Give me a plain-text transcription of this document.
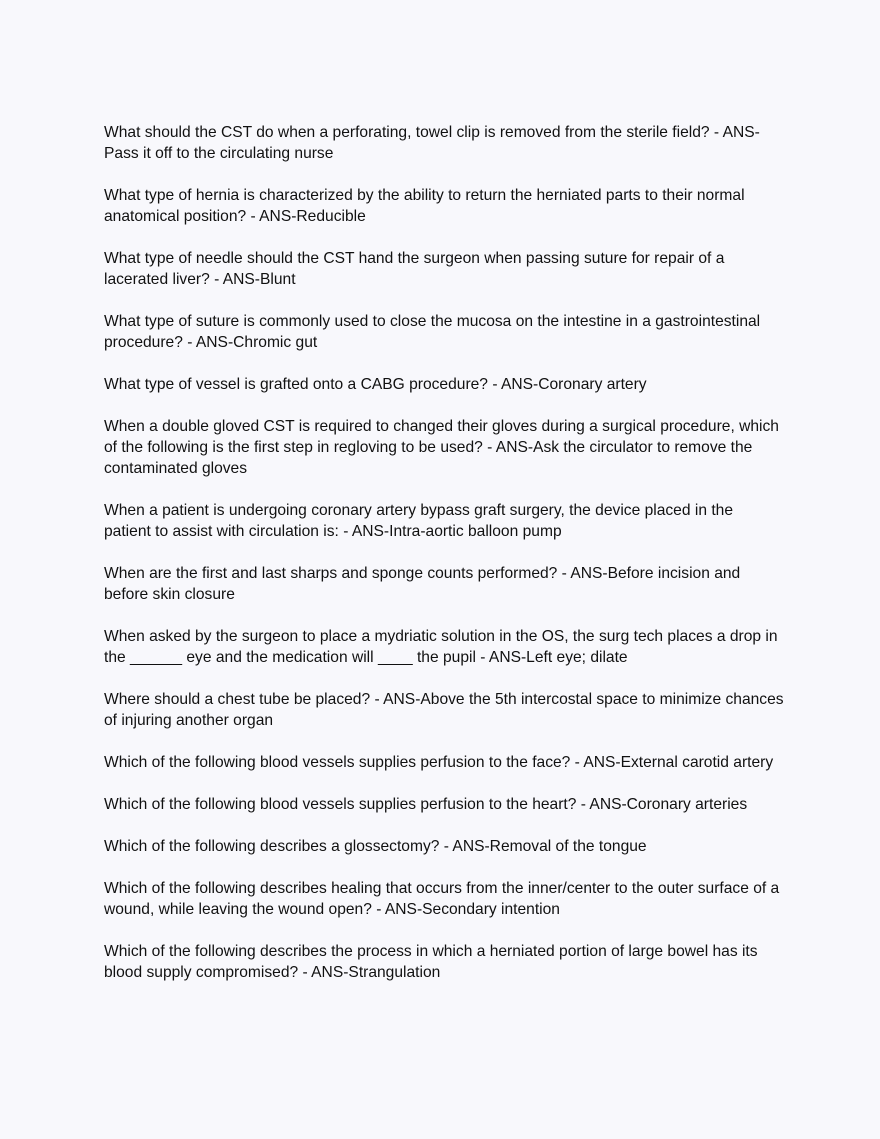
What should the CST do when a perforating, towel clip is removed from the sterile field? - ANS-Pass it off to the circulating nurse

What type of hernia is characterized by the ability to return the herniated parts to their normal anatomical position? - ANS-Reducible

What type of needle should the CST hand the surgeon when passing suture for repair of a lacerated liver? - ANS-Blunt

What type of suture is commonly used to close the mucosa on the intestine in a gastrointestinal procedure? - ANS-Chromic gut

What type of vessel is grafted onto a CABG procedure? - ANS-Coronary artery

When a double gloved CST is required to changed their gloves during a surgical procedure, which of the following is the first step in regloving to be used? - ANS-Ask the circulator to remove the contaminated gloves

When a patient is undergoing coronary artery bypass graft surgery, the device placed in the patient to assist with circulation is: - ANS-Intra-aortic balloon pump

When are the first and last sharps and sponge counts performed? - ANS-Before incision and before skin closure

When asked by the surgeon to place a mydriatic solution in the OS, the surg tech places a drop in the ______ eye and the medication will ____ the pupil - ANS-Left eye; dilate

Where should a chest tube be placed? - ANS-Above the 5th intercostal space to minimize chances of injuring another organ

Which of the following blood vessels supplies perfusion to the face? - ANS-External carotid artery

Which of the following blood vessels supplies perfusion to the heart? - ANS-Coronary arteries

Which of the following describes a glossectomy? - ANS-Removal of the tongue

Which of the following describes healing that occurs from the inner/center to the outer surface of a wound, while leaving the wound open? - ANS-Secondary intention

Which of the following describes the process in which a herniated portion of large bowel has its blood supply compromised? - ANS-Strangulation
